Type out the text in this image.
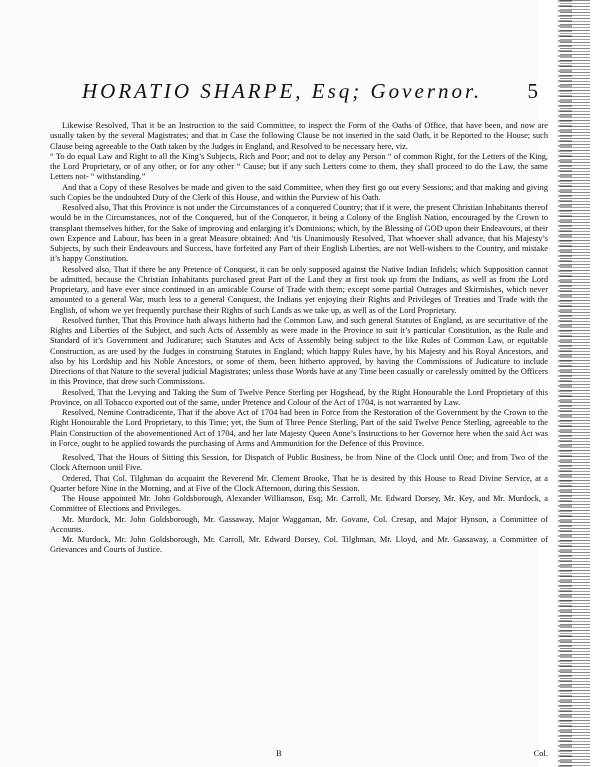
HORATIO SHARPE, Esq; Governor. 5

Likewise Resolved, That it be an Instruction to the said Committee, to inspect the Form of the Oaths of Office, that have been, and now are usually taken by the several Magistrates; and that in Case the following Clause be not inserted in the said Oath, it be Reported to the House; such Clause being agreeable to the Oath taken by the Judges in England, and Resolved to be necessary here, viz.

“ To do equal Law and Right to all the King’s Subjects, Rich and Poor; and not to delay any Person “ of common Right, for the Letters of the King, the Lord Proprietary, or of any other, or for any other “ Cause; but if any such Letters come to them, they shall proceed to do the Law, the same Letters not- “ withstanding.”

And that a Copy of these Resolves be made and given to the said Committee, when they first go out every Sessions; and that making and giving such Copies be the undoubted Duty of the Clerk of this House, and within the Purview of his Oath.

Resolved also, That this Province is not under the Circumstances of a conquered Country; that if it were, the present Christian Inhabitants thereof would be in the Circumstances, not of the Conquered, but of the Conqueror, it being a Colony of the English Nation, encouraged by the Crown to transplant themselves hither, for the Sake of improving and enlarging it’s Dominions; which, by the Blessing of GOD upon their Endeavours, at their own Expence and Labour, has been in a great Measure obtained: And ’tis Unanimously Resolved, That whoever shall advance, that his Majesty’s Subjects, by such their Endeavours and Success, have forfeited any Part of their English Liberties, are not Well-wishers to the Country, and mistake it’s happy Constitution.

Resolved also, That if there be any Pretence of Conquest, it can be only supposed against the Native Indian Infidels; which Supposition cannot be admitted, because the Christian Inhabitants purchased great Part of the Land they at first took up from the Indians, as well as from the Lord Proprietary, and have ever since continued in an amicable Course of Trade with them; except some partial Outrages and Skirmishes, which never amounted to a general War, much less to a general Conquest, the Indians yet enjoying their Rights and Privileges of Treaties and Trade with the English, of whom we yet frequently purchase their Rights of such Lands as we take up, as well as of the Lord Proprietary.

Resolved further, That this Province hath always hitherto had the Common Law, and such general Statutes of England, as are securitative of the Rights and Liberties of the Subject, and such Acts of Assembly as were made in the Province to suit it’s particular Constitution, as the Rule and Standard of it’s Government and Judicature; such Statutes and Acts of Assembly being subject to the like Rules of Common Law, or equitable Construction, as are used by the Judges in construing Statutes in England; which happy Rules have, by his Majesty and his Royal Ancestors, and also by his Lordship and his Noble Ancestors, or some of them, been hitherto approved, by having the Commissions of Judicature to include Directions of that Nature to the several judicial Magistrates; unless those Words have at any Time been casually or carelessly omitted by the Officers in this Province, that drew such Commissions.

Resolved, That the Levying and Taking the Sum of Twelve Pence Sterling per Hogshead, by the Right Honourable the Lord Proprietary of this Province, on all Tobacco exported out of the same, under Pretence and Colour of the Act of 1704, is not warranted by Law.

Resolved, Nemine Contradicente, That if the above Act of 1704 had been in Force from the Restoration of the Government by the Crown to the Right Honourable the Lord Proprietary, to this Time; yet, the Sum of Three Pence Sterling, Part of the said Twelve Pence Sterling, agreeable to the Plain Construction of the abovementioned Act of 1704, and her late Majesty Queen Anne’s Instructions to her Governor here when the said Act was in Force, ought to be applied towards the purchasing of Arms and Ammunition for the Defence of this Province.

Resolved, That the Hours of Sitting this Session, for Dispatch of Public Business, be from Nine of the Clock until One; and from Two of the Clock Afternoon until Five.

Ordered, That Col. Tilghman do acquaint the Reverend Mr. Clement Brooke, That he is desired by this House to Read Divine Service, at a Quarter before Nine in the Morning, and at Five of the Clock Afternoon, during this Session.

The House appointed Mr. John Goldsborough, Alexander Williamson, Esq; Mr. Carroll, Mr. Edward Dorsey, Mr. Key, and Mr. Murdock, a Committee of Elections and Privileges.

Mr. Murdock, Mr. John Goldsborough, Mr. Gassaway, Major Waggaman, Mr. Govane, Col. Cresap, and Major Hynson, a Committee of Accounts.

Mr. Murdock, Mr. John Goldsborough, Mr. Carroll, Mr. Edward Dorsey, Col. Tilghman, Mr. Lloyd, and Mr. Gassaway, a Committee of Grievances and Courts of Justice.

B	Col.
